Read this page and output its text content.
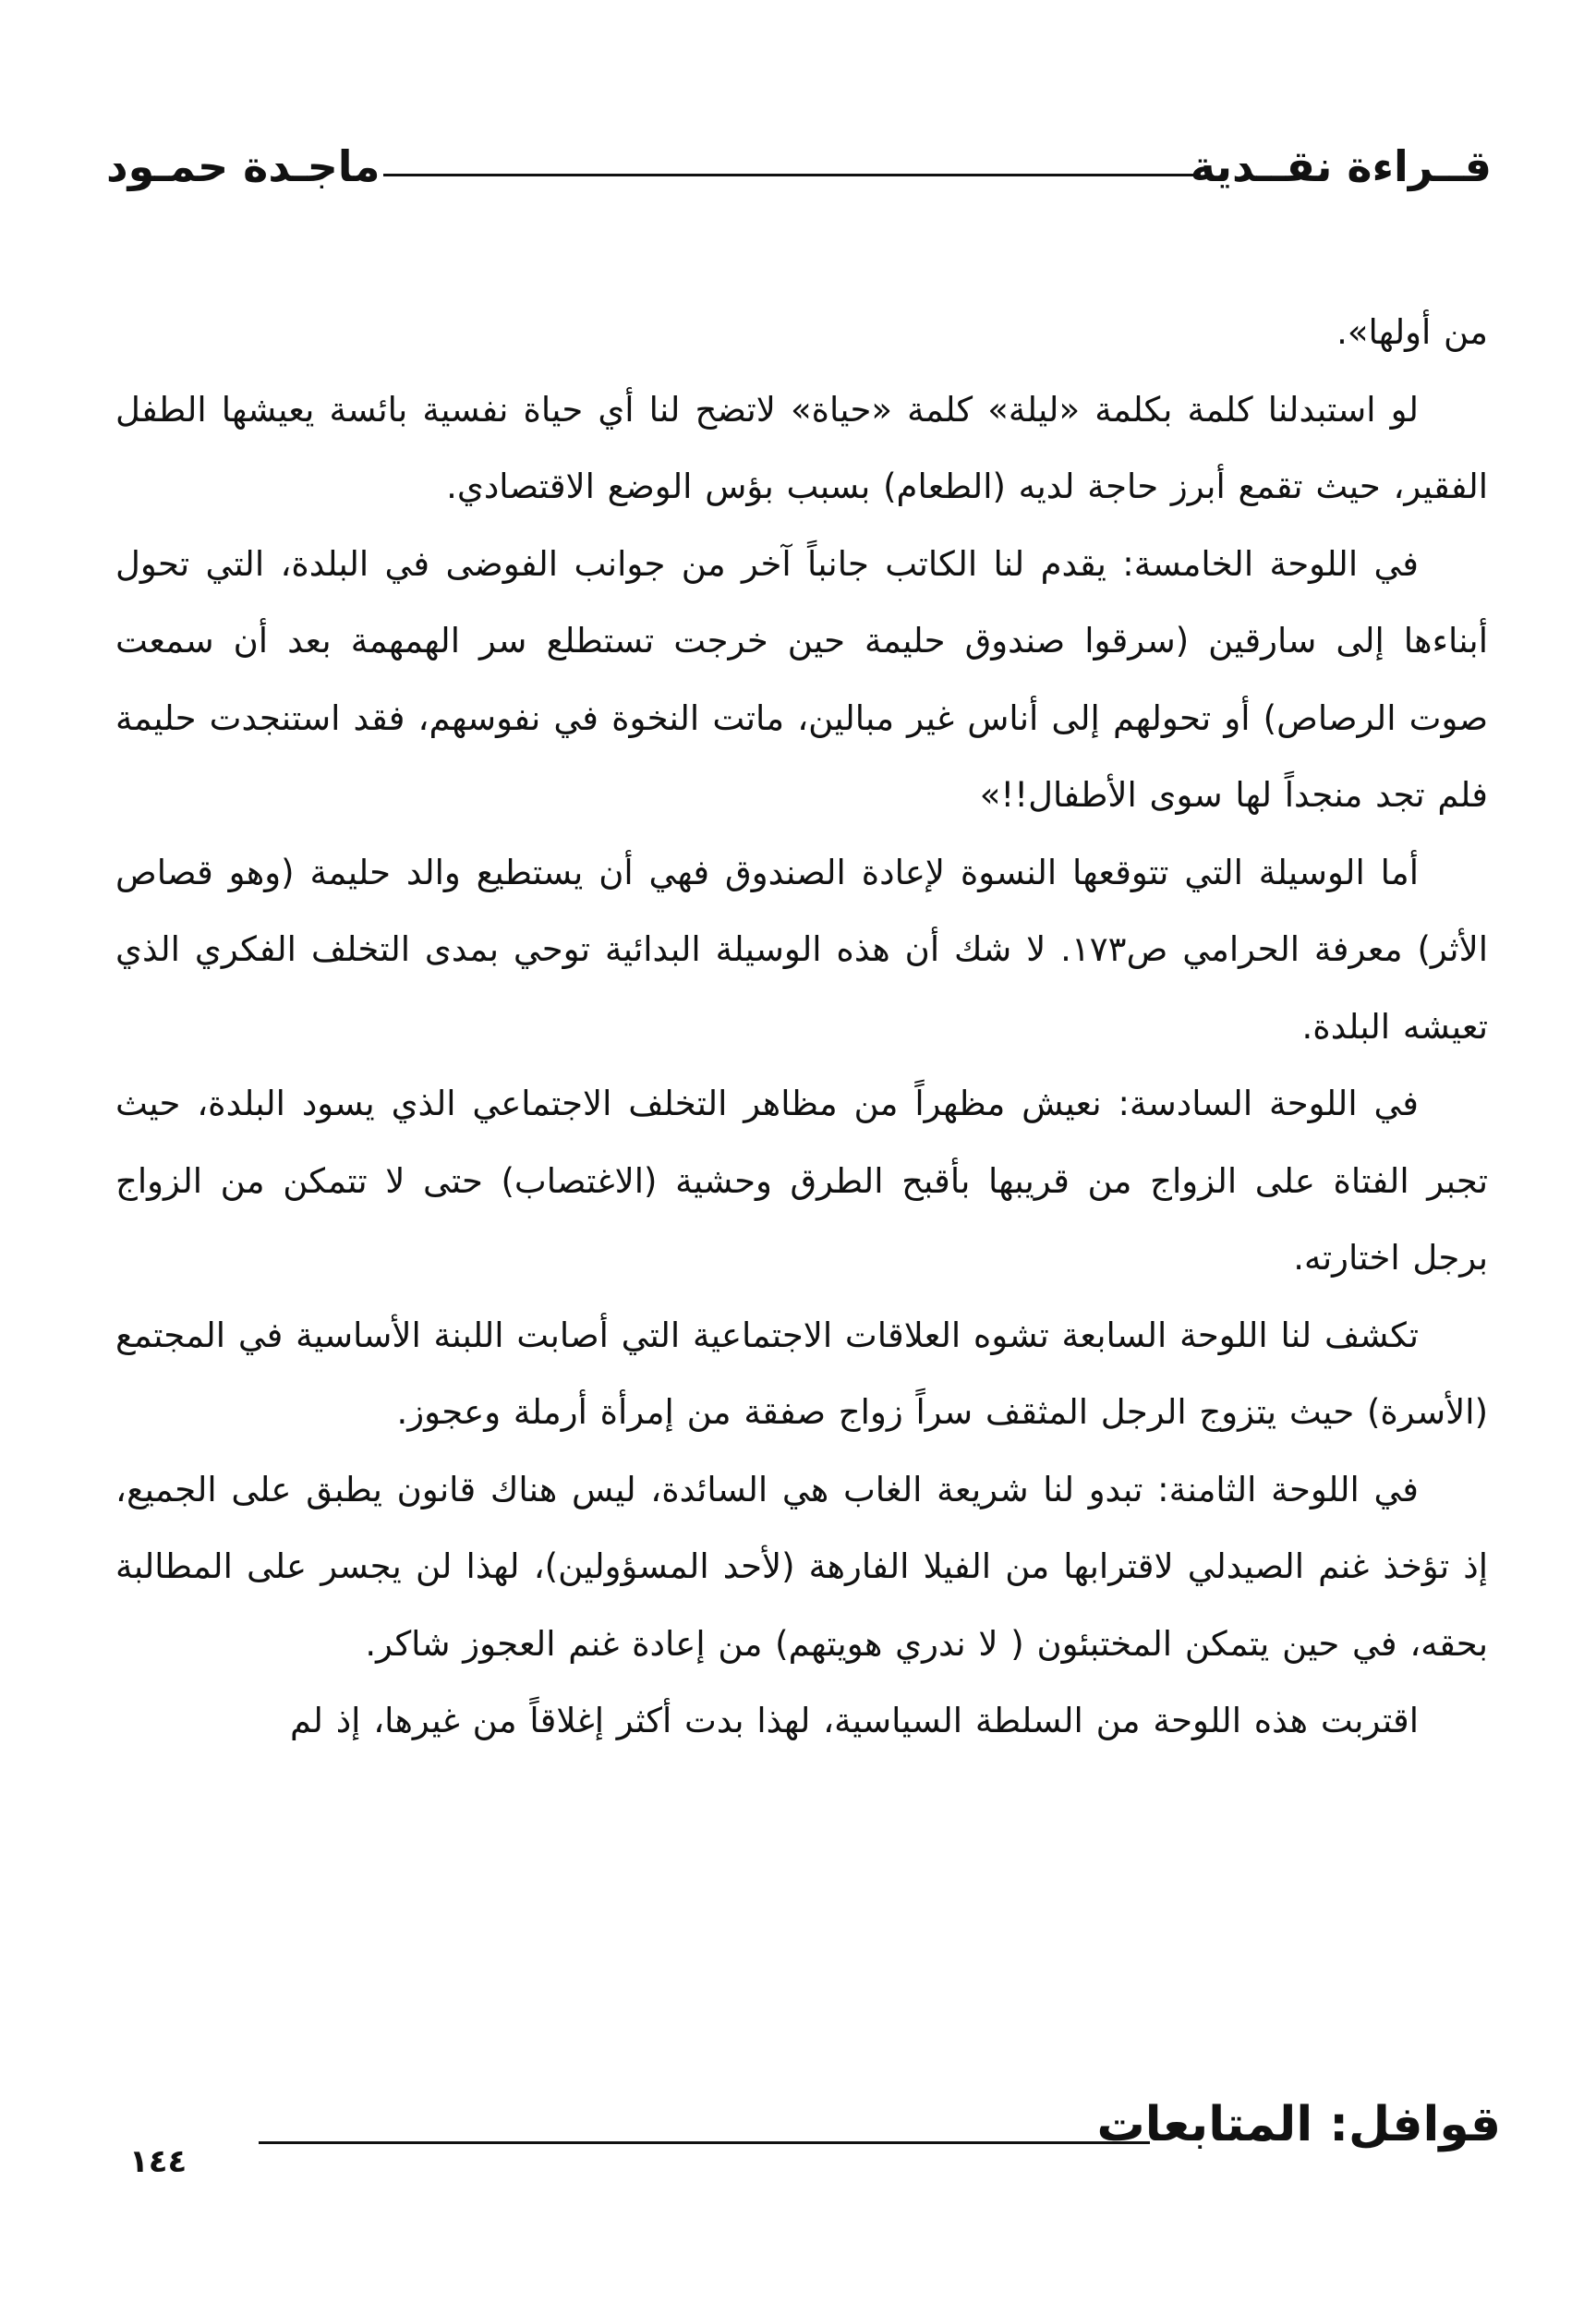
قــراءة نقــدية
ماجـدة حمـود

من أولها».

لو استبدلنا كلمة بكلمة «ليلة» كلمة «حياة» لاتضح لنا أي حياة نفسية بائسة يعيشها الطفل الفقير، حيث تقمع أبرز حاجة لديه (الطعام) بسبب بؤس الوضع الاقتصادي.

في اللوحة الخامسة: يقدم لنا الكاتب جانباً آخر من جوانب الفوضى في البلدة، التي تحول أبناءها إلى سارقين (سرقوا صندوق حليمة حين خرجت تستطلع سر الهمهمة بعد أن سمعت صوت الرصاص) أو تحولهم إلى أناس غير مبالين، ماتت النخوة في نفوسهم، فقد استنجدت حليمة فلم تجد منجداً لها سوى الأطفال!!»

أما الوسيلة التي تتوقعها النسوة لإعادة الصندوق فهي أن يستطيع والد حليمة (وهو قصاص الأثر) معرفة الحرامي ص١٧٣. لا شك أن هذه الوسيلة البدائية توحي بمدى التخلف الفكري الذي تعيشه البلدة.

في اللوحة السادسة: نعيش مظهراً من مظاهر التخلف الاجتماعي الذي يسود البلدة، حيث تجبر الفتاة على الزواج من قريبها بأقبح الطرق وحشية (الاغتصاب) حتى لا تتمكن من الزواج برجل اختارته.

تكشف لنا اللوحة السابعة تشوه العلاقات الاجتماعية التي أصابت اللبنة الأساسية في المجتمع (الأسرة) حيث يتزوج الرجل المثقف سراً زواج صفقة من إمرأة أرملة وعجوز.

في اللوحة الثامنة: تبدو لنا شريعة الغاب هي السائدة، ليس هناك قانون يطبق على الجميع، إذ تؤخذ غنم الصيدلي لاقترابها من الفيلا الفارهة (لأحد المسؤولين)، لهذا لن يجسر على المطالبة بحقه، في حين يتمكن المختبئون ( لا ندري هويتهم) من إعادة غنم العجوز شاكر.

اقتربت هذه اللوحة من السلطة السياسية، لهذا بدت أكثر إغلاقاً من غيرها، إذ لم

قوافل: المتابعات
١٤٤
